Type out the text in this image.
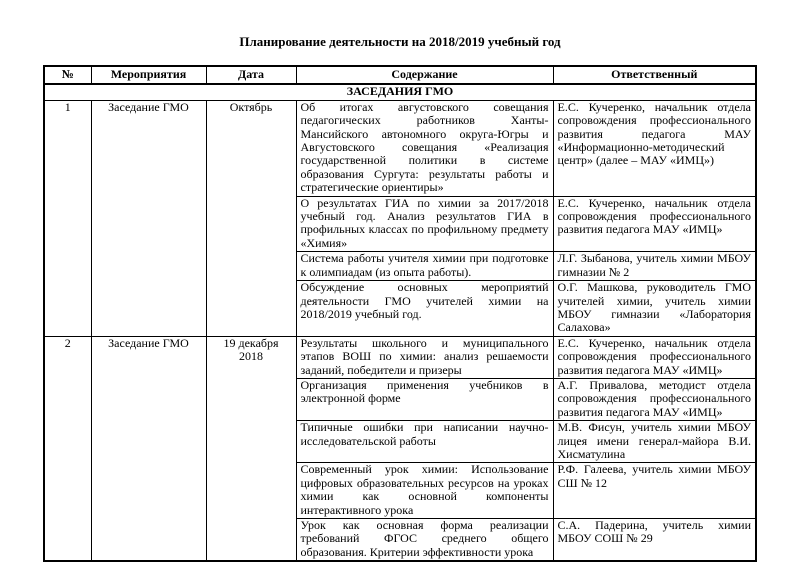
Планирование деятельности на 2018/2019 учебный год

№	Мероприятия	Дата	Содержание	Ответственный
ЗАСЕДАНИЯ ГМО				
1	Заседание ГМО	Октябрь	Об итогах августовского совещания педагогических работников Ханты-Мансийского автономного округа-Югры и Августовского совещания «Реализация государственной политики в системе образования Сургута: результаты работы и стратегические ориентиры»	Е.С. Кучеренко, начальник отдела сопровождения профессионального развития педагога МАУ «Информационно-методический центр» (далее – МАУ «ИМЦ»)
			О результатах ГИА по химии за 2017/2018 учебный год. Анализ результатов ГИА в профильных классах по профильному предмету «Химия»	Е.С. Кучеренко, начальник отдела сопровождения профессионального развития педагога МАУ «ИМЦ»
			Система работы учителя химии при подготовке к олимпиадам (из опыта работы).	Л.Г. Зыбанова, учитель химии МБОУ гимназии № 2
			Обсуждение основных мероприятий деятельности ГМО учителей химии на 2018/2019 учебный год.	О.Г. Машкова, руководитель ГМО учителей химии, учитель химии МБОУ гимназии «Лаборатория Салахова»
2	Заседание ГМО	19 декабря 2018	Результаты школьного и муниципального этапов ВОШ по химии: анализ решаемости заданий, победители и призеры	Е.С. Кучеренко, начальник отдела сопровождения профессионального развития педагога МАУ «ИМЦ»
			Организация применения учебников в электронной форме	А.Г. Привалова, методист отдела сопровождения профессионального развития педагога МАУ «ИМЦ»
			Типичные ошибки при написании научно-исследовательской работы	М.В. Фисун, учитель химии МБОУ лицея имени генерал-майора В.И. Хисматулина
			Современный урок химии: Использование цифровых образовательных ресурсов на уроках химии как основной компоненты интерактивного урока	Р.Ф. Галеева, учитель химии МБОУ СШ № 12
			Урок как основная форма реализации требований ФГОС среднего общего образования. Критерии эффективности урока	С.А. Падерина, учитель химии МБОУ СОШ № 29
